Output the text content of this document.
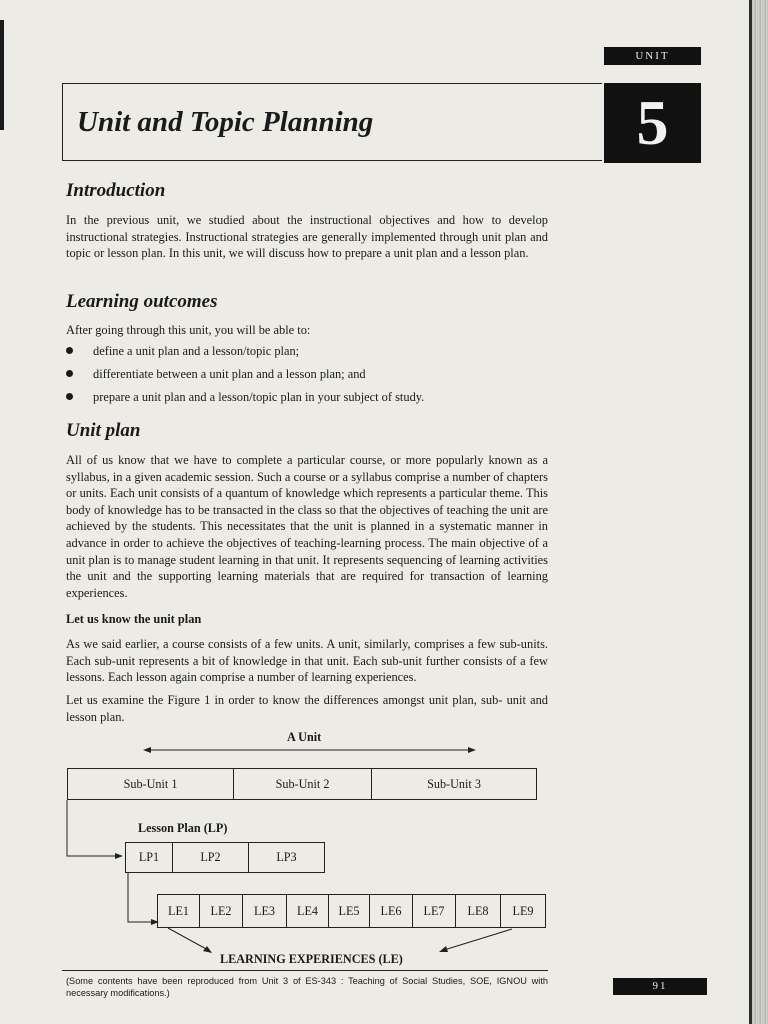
UNIT
5
Unit and Topic Planning
Introduction

In the previous unit, we studied about the instructional objectives and how to develop instructional strategies. Instructional strategies are generally implemented through unit plan and topic or lesson plan. In this unit, we will discuss how to prepare a unit plan and a lesson plan.

Learning outcomes

After going through this unit, you will be able to:

define a unit plan and a lesson/topic plan;
differentiate between a unit plan and a lesson plan; and
prepare a unit plan and a lesson/topic plan in your subject of study.
Unit plan

All of us know that we have to complete a particular course, or more popularly known as a syllabus, in a given academic session. Such a course or a syllabus comprise a number of chapters or units. Each unit consists of a quantum of knowledge which represents a particular theme. This body of knowledge has to be transacted in the class so that the objectives of teaching the unit are achieved by the students. This necessitates that the unit is planned in a systematic manner in advance in order to achieve the objectives of teaching-learning process. The main objective of a unit plan is to manage student learning in that unit. It represents sequencing of learning activities the unit and the supporting learning materials that are required for transaction of learning experiences.

Let us know the unit plan

As we said earlier, a course consists of a few units. A unit, similarly, comprises a few sub-units. Each sub-unit represents a bit of knowledge in that unit. Each sub-unit further consists of a few lessons. Each lesson again comprise a number of learning experiences.

Let us examine the Figure 1 in order to know the differences amongst unit plan, sub- unit and lesson plan.

A Unit
Sub-Unit 1	Sub-Unit 2	Sub-Unit 3
Lesson Plan (LP)
LP1	LP2	LP3
LE1	LE2	LE3	LE4	LE5	LE6	LE7	LE8	LE9
LEARNING EXPERIENCES (LE)

(Some contents have been reproduced from Unit 3 of ES-343 : Teaching of Social Studies, SOE, IGNOU with necessary modifications.)

91
